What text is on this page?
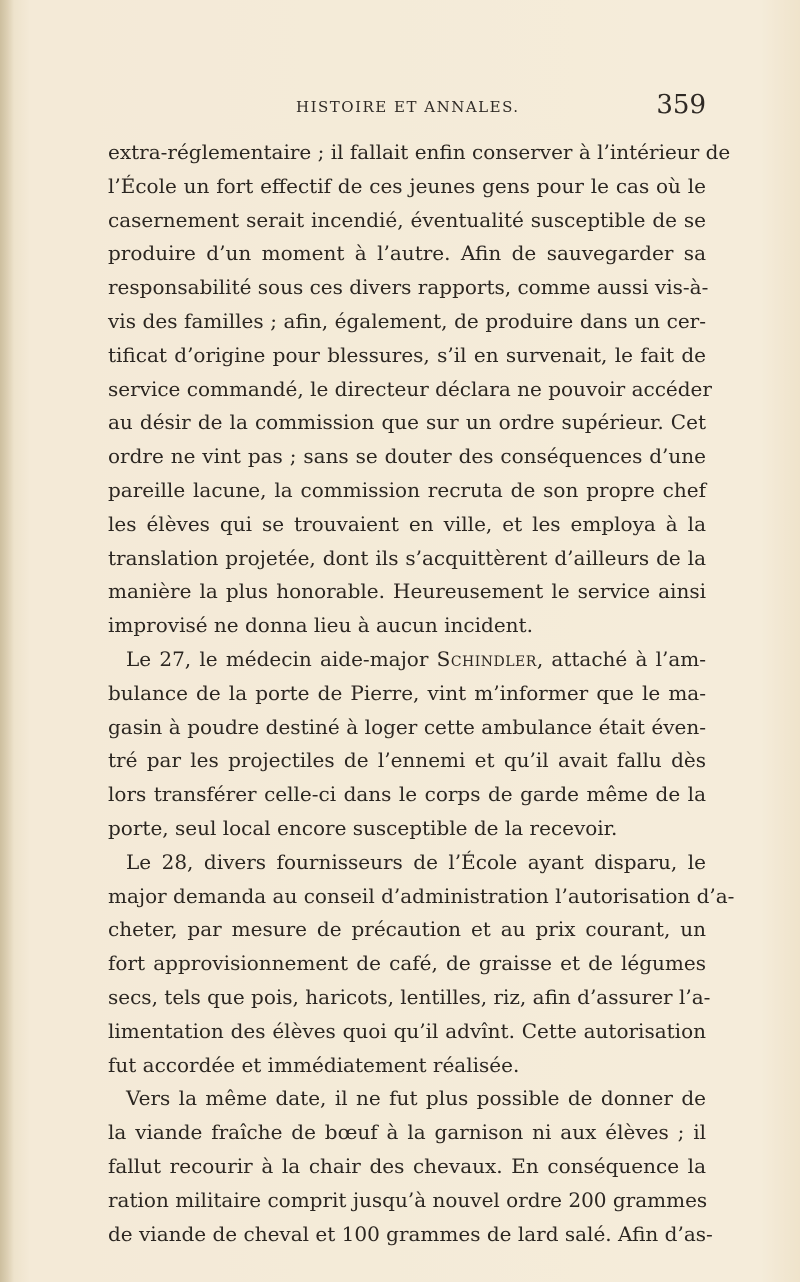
HISTOIRE ET ANNALES.	359
extra-réglementaire ; il fallait enfin conserver à l’intérieur de
l’École un fort effectif de ces jeunes gens pour le cas où le
casernement serait incendié, éventualité susceptible de se
produire d’un moment à l’autre. Afin de sauvegarder sa
responsabilité sous ces divers rapports, comme aussi vis-à-
vis des familles ; afin, également, de produire dans un cer-
tificat d’origine pour blessures, s’il en survenait, le fait de
service commandé, le directeur déclara ne pouvoir accéder
au désir de la commission que sur un ordre supérieur. Cet
ordre ne vint pas ; sans se douter des conséquences d’une
pareille lacune, la commission recruta de son propre chef
les élèves qui se trouvaient en ville, et les employa à la
translation projetée, dont ils s’acquittèrent d’ailleurs de la
manière la plus honorable. Heureusement le service ainsi
improvisé ne donna lieu à aucun incident.
Le 27, le médecin aide-major Schindler, attaché à l’am-
bulance de la porte de Pierre, vint m’informer que le ma-
gasin à poudre destiné à loger cette ambulance était éven-
tré par les projectiles de l’ennemi et qu’il avait fallu dès
lors transférer celle-ci dans le corps de garde même de la
porte, seul local encore susceptible de la recevoir.
Le 28, divers fournisseurs de l’École ayant disparu, le
major demanda au conseil d’administration l’autorisation d’a-
cheter, par mesure de précaution et au prix courant, un
fort approvisionnement de café, de graisse et de légumes
secs, tels que pois, haricots, lentilles, riz, afin d’assurer l’a-
limentation des élèves quoi qu’il advînt. Cette autorisation
fut accordée et immédiatement réalisée.
Vers la même date, il ne fut plus possible de donner de
la viande fraîche de bœuf à la garnison ni aux élèves ; il
fallut recourir à la chair des chevaux. En conséquence la
ration militaire comprit jusqu’à nouvel ordre 200 grammes
de viande de cheval et 100 grammes de lard salé. Afin d’as-
